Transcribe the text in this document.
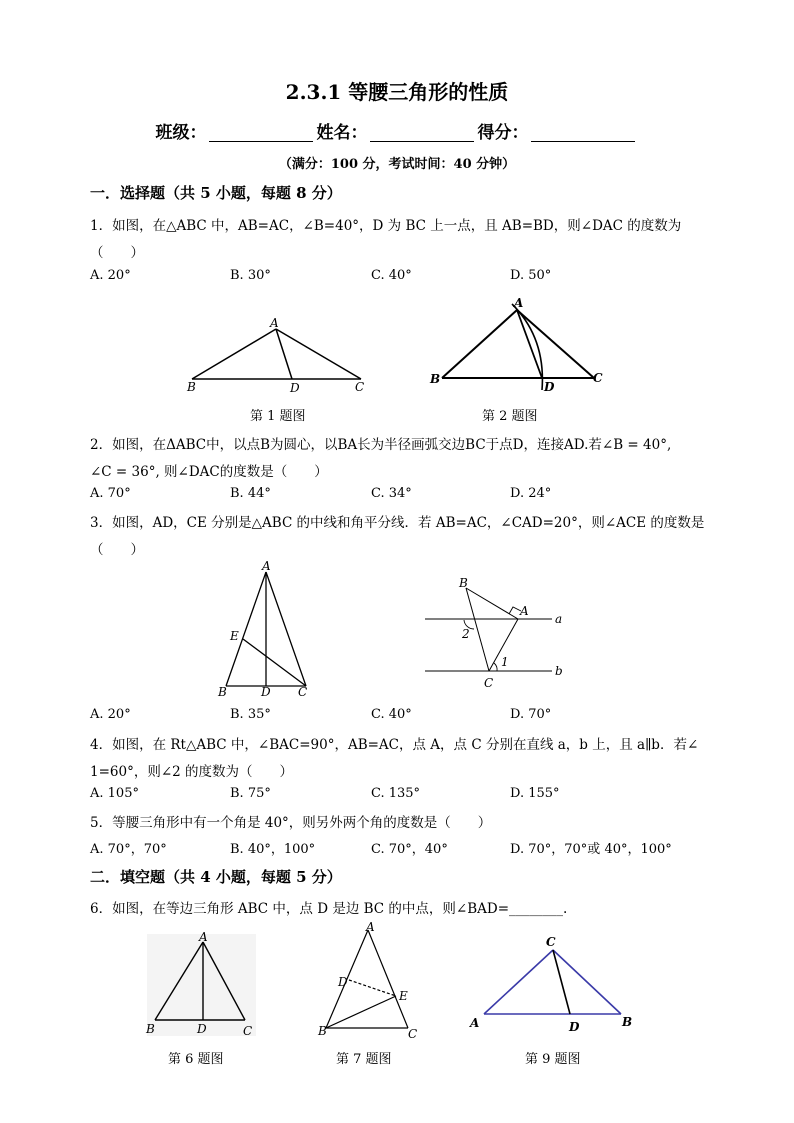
2.3.1 等腰三角形的性质
班级：	姓名：	得分：
（满分：100 分，考试时间：40 分钟）
一．选择题（共 5 小题，每题 8 分）
1．如图，在△ABC 中，AB=AC，∠B=40°，D 为 BC 上一点，且 AB=BD，则∠DAC 的度数为
（　　）
A. 20°	B. 30°	C. 40°	D. 50°
A
B	D	C
第 1 题图
A
B
D
C
第 2 题图
2．如图，在ΔABC中，以点B为圆心，以BA长为半径画弧交边BC于点D，连接AD.若∠B = 40°,
∠C = 36°, 则∠DAC的度数是（　　）
A. 70°	B. 44°	C. 34°	D. 24°
3．如图，AD，CE 分别是△ABC 的中线和角平分线．若 AB=AC，∠CAD=20°，则∠ACE 的度数是
（　　）
A
E
B	D C
B
A
a
b
C
2
1
A. 20°	B. 35°	C. 40°	D. 70°
4．如图，在 Rt△ABC 中，∠BAC=90°，AB=AC，点 A，点 C 分别在直线 a，b 上，且 a∥b．若∠
1=60°，则∠2 的度数为（　　）
A. 105°	B. 75°	C. 135°	D. 155°
5．等腰三角形中有一个角是 40°，则另外两个角的度数是（　　）
A. 70°，70°	B. 40°，100°	C. 70°，40°	D. 70°，70°或 40°，100°
二．填空题（共 4 小题，每题 5 分）
6．如图，在等边三角形 ABC 中，点 D 是边 BC 的中点，则∠BAD=________.
A
B	D	C
第 6 题图
A
D
E
B	C
第 7 题图
C
A	D	B
第 9 题图
